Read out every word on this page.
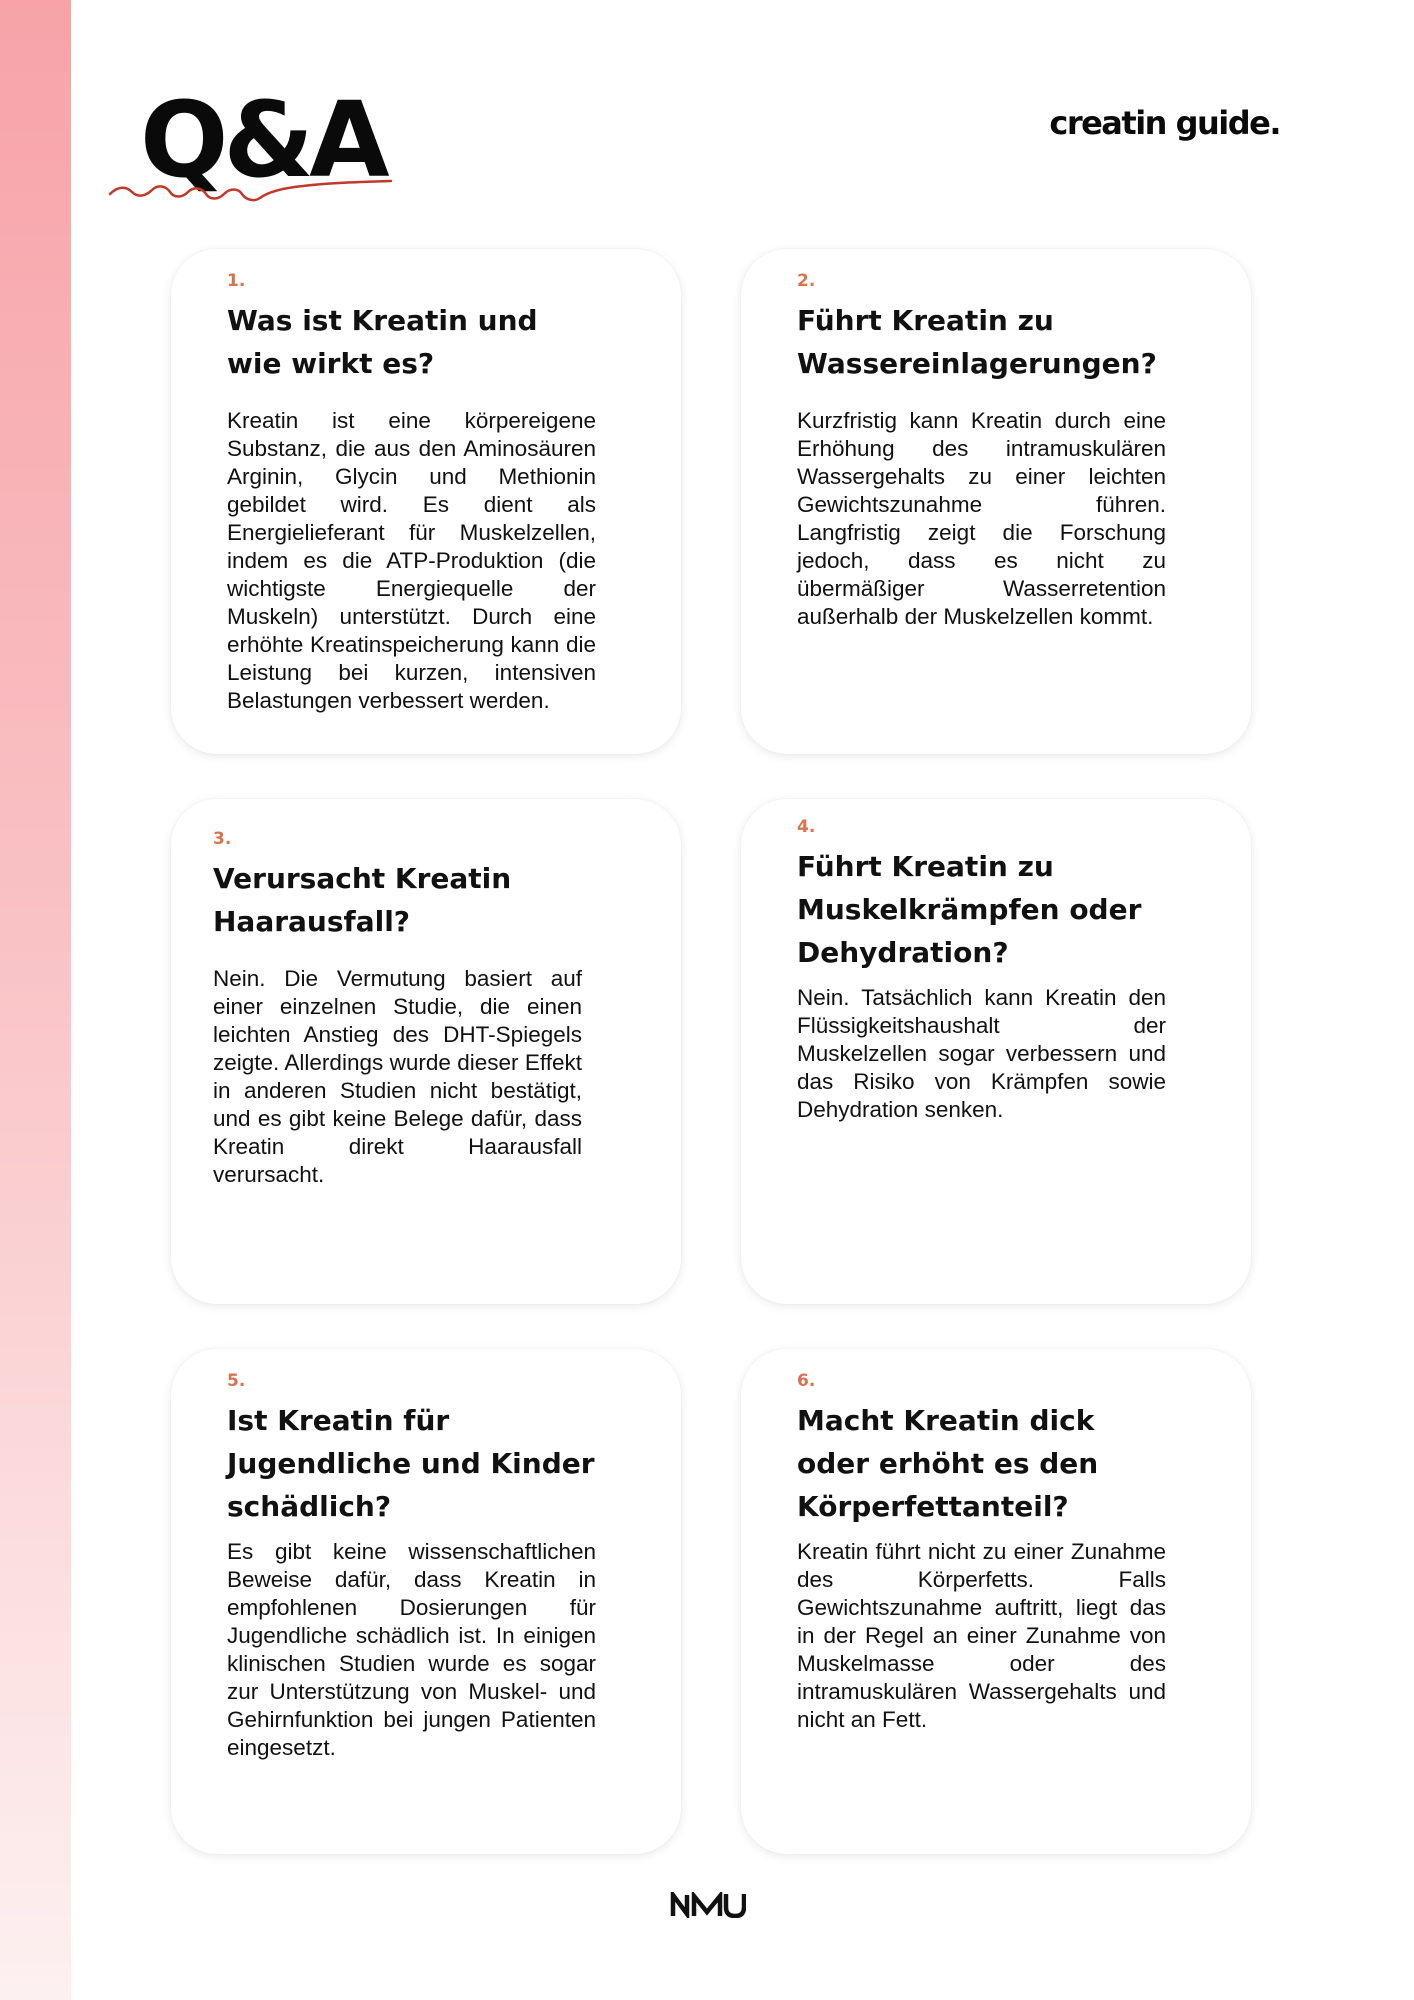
Q&A	creatin guide.
1.
Was ist Kreatin und wie wirkt es?
Kreatin ist eine körpereigene Substanz, die aus den Aminosäuren Arginin, Glycin und Methionin gebildet wird. Es dient als Energielieferant für Muskelzellen, indem es die ATP-Produktion (die wichtigste Energiequelle der Muskeln) unterstützt. Durch eine erhöhte Kreatinspeicherung kann die Leistung bei kurzen, intensiven Belastungen verbessert werden.
2.
Führt Kreatin zu Wassereinlagerungen?
Kurzfristig kann Kreatin durch eine Erhöhung des intramuskulären Wassergehalts zu einer leichten Gewichtszunahme führen. Langfristig zeigt die Forschung jedoch, dass es nicht zu übermäßiger Wasserretention außerhalb der Muskelzellen kommt.
3.
Verursacht Kreatin Haarausfall?
Nein. Die Vermutung basiert auf einer einzelnen Studie, die einen leichten Anstieg des DHT-Spiegels zeigte. Allerdings wurde dieser Effekt in anderen Studien nicht bestätigt, und es gibt keine Belege dafür, dass Kreatin direkt Haarausfall verursacht.
4.
Führt Kreatin zu Muskelkrämpfen oder Dehydration?
Nein. Tatsächlich kann Kreatin den Flüssigkeitshaushalt der Muskelzellen sogar verbessern und das Risiko von Krämpfen sowie Dehydration senken.
5.
Ist Kreatin für Jugendliche und Kinder schädlich?
Es gibt keine wissenschaftlichen Beweise dafür, dass Kreatin in empfohlenen Dosierungen für Jugendliche schädlich ist. In einigen klinischen Studien wurde es sogar zur Unterstützung von Muskel- und Gehirnfunktion bei jungen Patienten eingesetzt.
6.
Macht Kreatin dick oder erhöht es den Körperfettanteil?
Kreatin führt nicht zu einer Zunahme des Körperfetts. Falls Gewichtszunahme auftritt, liegt das in der Regel an einer Zunahme von Muskelmasse oder des intramuskulären Wassergehalts und nicht an Fett.
